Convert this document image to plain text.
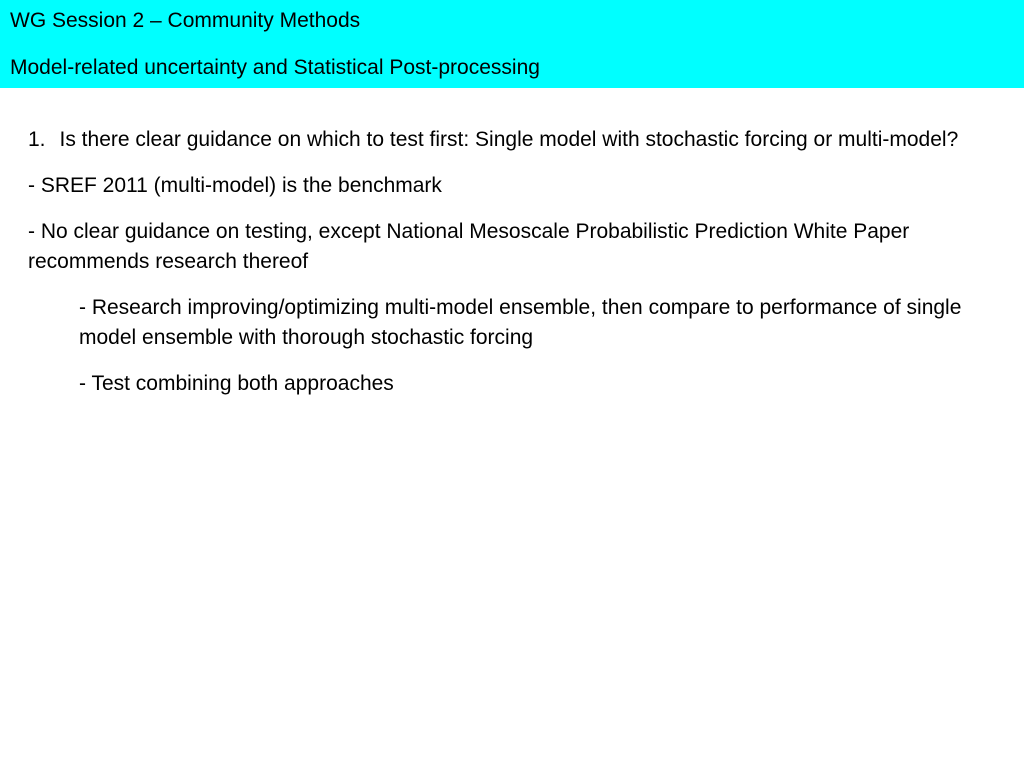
WG Session 2 – Community Methods
Model-related uncertainty and Statistical Post-processing

1. Is there clear guidance on which to test first: Single model with stochastic forcing or multi-model?

- SREF 2011 (multi-model) is the benchmark

- No clear guidance on testing, except National Mesoscale Probabilistic Prediction White Paper recommends research thereof

- Research improving/optimizing multi-model ensemble, then compare to performance of single model ensemble with thorough stochastic forcing

- Test combining both approaches
